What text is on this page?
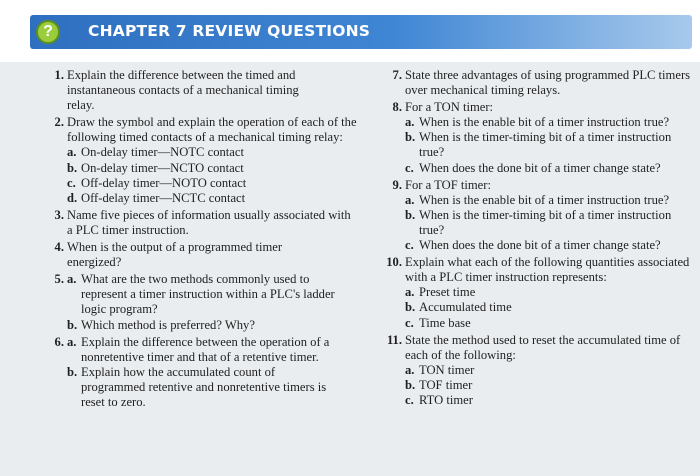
?	CHAPTER 7 REVIEW QUESTIONS
1. Explain the difference between the timed and instantaneous contacts of a mechanical timing relay.
2. Draw the symbol and explain the operation of each of the following timed contacts of a mechanical timing relay:
a. On-delay timer—NOTC contact
b. On-delay timer—NCTO contact
c. Off-delay timer—NOTO contact
d. Off-delay timer—NCTC contact
3. Name five pieces of information usually associated with a PLC timer instruction.
4. When is the output of a programmed timer energized?
5. a. What are the two methods commonly used to represent a timer instruction within a PLC's ladder logic program?
b. Which method is preferred? Why?
6. a. Explain the difference between the operation of a nonretentive timer and that of a retentive timer.
b. Explain how the accumulated count of programmed retentive and nonretentive timers is reset to zero.
7. State three advantages of using programmed PLC timers over mechanical timing relays.
8. For a TON timer:
a. When is the enable bit of a timer instruction true?
b. When is the timer-timing bit of a timer instruction true?
c. When does the done bit of a timer change state?
9. For a TOF timer:
a. When is the enable bit of a timer instruction true?
b. When is the timer-timing bit of a timer instruction true?
c. When does the done bit of a timer change state?
10. Explain what each of the following quantities associated with a PLC timer instruction represents:
a. Preset time
b. Accumulated time
c. Time base
11. State the method used to reset the accumulated time of each of the following:
a. TON timer
b. TOF timer
c. RTO timer
